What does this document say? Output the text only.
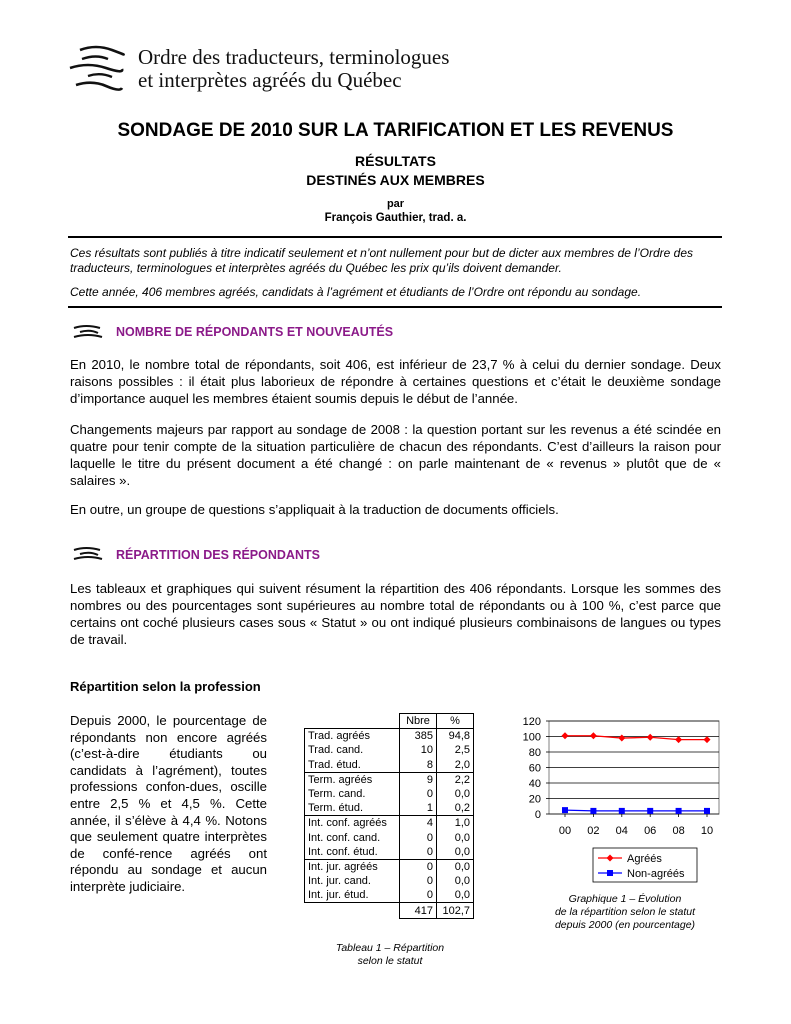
Ordre des traducteurs, terminologues
et interprètes agréés du Québec
SONDAGE DE 2010 SUR LA TARIFICATION ET LES REVENUS
RÉSULTATS
DESTINÉS AUX MEMBRES
par
François Gauthier, trad. a.
Ces résultats sont publiés à titre indicatif seulement et n’ont nullement pour but de dicter aux membres de l’Ordre des traducteurs, terminologues et interprètes agréés du Québec les prix qu’ils doivent demander.
Cette année, 406 membres agréés, candidats à l’agrément et étudiants de l’Ordre ont répondu au sondage.
NOMBRE DE RÉPONDANTS ET NOUVEAUTÉS
En 2010, le nombre total de répondants, soit 406, est inférieur de 23,7 % à celui du dernier sondage. Deux raisons possibles : il était plus laborieux de répondre à certaines questions et c’était le deuxième sondage d’importance auquel les membres étaient soumis depuis le début de l’année.
Changements majeurs par rapport au sondage de 2008 : la question portant sur les revenus a été scindée en quatre pour tenir compte de la situation particulière de chacun des répondants. C’est d’ailleurs la raison pour laquelle le titre du présent document a été changé : on parle maintenant de « revenus » plutôt que de « salaires ».
En outre, un groupe de questions s’appliquait à la traduction de documents officiels.
RÉPARTITION DES RÉPONDANTS
Les tableaux et graphiques qui suivent résument la répartition des 406 répondants. Lorsque les sommes des nombres ou des pourcentages sont supérieures au nombre total de répondants ou à 100 %, c’est parce que certains ont coché plusieurs cases sous « Statut » ou ont indiqué plusieurs combinaisons de langues ou types de travail.
Répartition selon la profession
Depuis 2000, le pourcentage de répondants non encore agréés (c’est-à-dire étudiants ou candidats à l’agrément), toutes professions confon-dues, oscille entre 2,5 % et 4,5 %. Cette année, il s’élève à 4,4 %. Notons que seulement quatre interprètes de confé-rence agréés ont répondu au sondage et aucun interprète judiciaire.
	Nbre	%
Trad. agréés	385	94,8
Trad. cand.	10	2,5
Trad. étud.	8	2,0
Term. agréés	9	2,2
Term. cand.	0	0,0
Term. étud.	1	0,2
Int. conf. agréés	4	1,0
Int. conf. cand.	0	0,0
Int. conf. étud.	0	0,0
Int. jur. agréés	0	0,0
Int. jur. cand.	0	0,0
Int. jur. étud.	0	0,0
	417	102,7
Tableau 1 – Répartition
selon le statut
0
20
40
60
80
100
120
00 02 04 06 08 10
Agréés
Non-agréés
Graphique 1 – Évolution
de la répartition selon le statut
depuis 2000 (en pourcentage)
